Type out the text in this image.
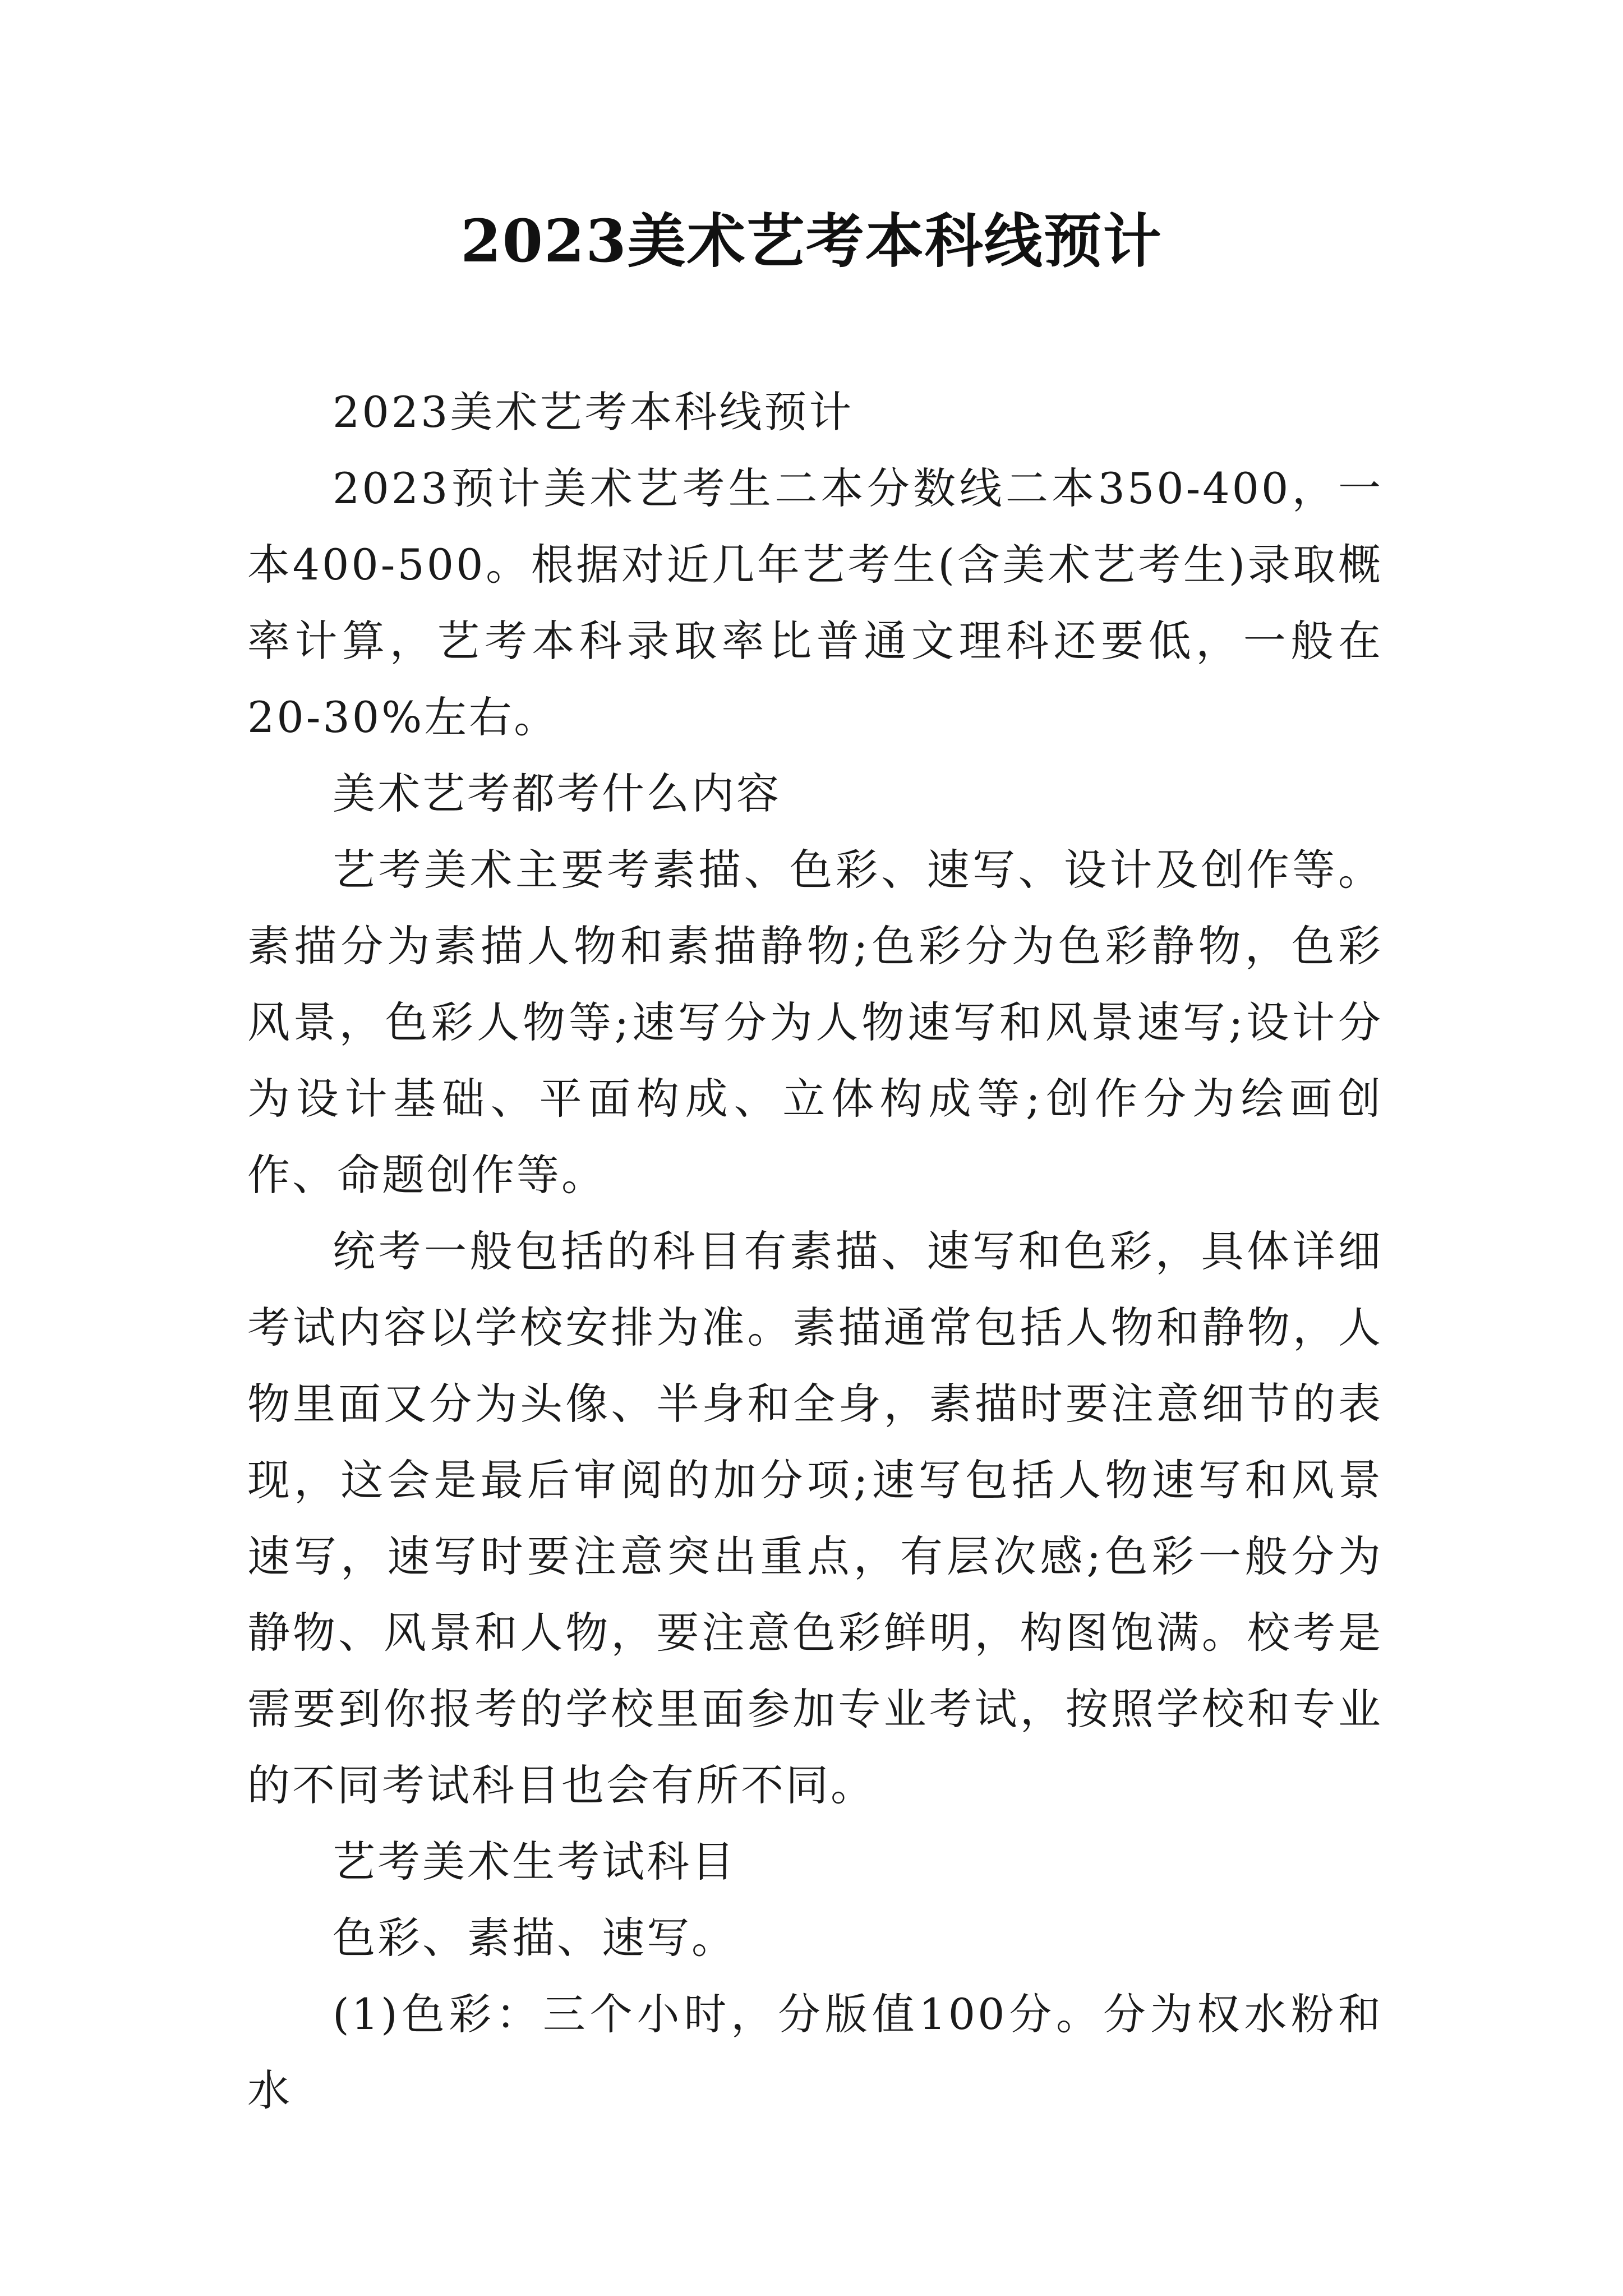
2023美术艺考本科线预计

2023美术艺考本科线预计

2023预计美术艺考生二本分数线二本350-400，一本400-500。根据对近几年艺考生(含美术艺考生)录取概率计算，艺考本科录取率比普通文理科还要低，一般在20-30%左右。

美术艺考都考什么内容

艺考美术主要考素描、色彩、速写、设计及创作等。素描分为素描人物和素描静物;色彩分为色彩静物，色彩风景，色彩人物等;速写分为人物速写和风景速写;设计分为设计基础、平面构成、立体构成等;创作分为绘画创作、命题创作等。

统考一般包括的科目有素描、速写和色彩，具体详细考试内容以学校安排为准。素描通常包括人物和静物，人物里面又分为头像、半身和全身，素描时要注意细节的表现，这会是最后审阅的加分项;速写包括人物速写和风景速写，速写时要注意突出重点，有层次感;色彩一般分为静物、风景和人物，要注意色彩鲜明，构图饱满。校考是需要到你报考的学校里面参加专业考试，按照学校和专业的不同考试科目也会有所不同。

艺考美术生考试科目

色彩、素描、速写。

(1)色彩：三个小时，分版值100分。分为权水粉和水
